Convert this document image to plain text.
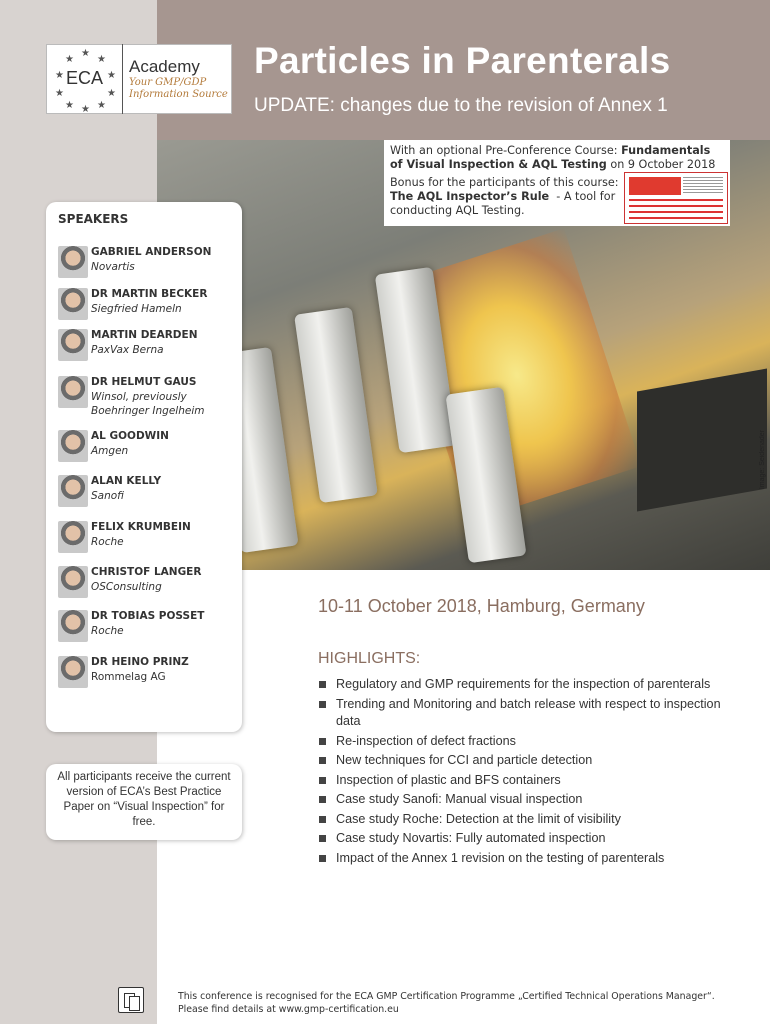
★
★ ★
★	★
★	★
★ ★
★
ECA
Academy
Your GMP/GDP
Information Source
Particles in Parenterals
UPDATE: changes due to the revision of Annex 1
Image: Seidenader
With an optional Pre-Conference Course: Fundamentals
of Visual Inspection & AQL Testing on 9 October 2018
Bonus for the participants of this course:
The AQL Inspector’s Rule - A tool for
conducting AQL Testing.
SPEAKERS
GABRIEL ANDERSON
Novartis
DR MARTIN BECKER
Siegfried Hameln
MARTIN DEARDEN
PaxVax Berna
DR HELMUT GAUS
Winsol, previously Boehringer Ingelheim
AL GOODWIN
Amgen
ALAN KELLY
Sanofi
FELIX KRUMBEIN
Roche
CHRISTOF LANGER
OSConsulting
DR TOBIAS POSSET
Roche
DR HEINO PRINZ
Rommelag AG
All participants receive the current version of ECA’s Best Practice Paper on “Visual Inspection” for free.
10-11 October 2018, Hamburg, Germany
HIGHLIGHTS:
Regulatory and GMP requirements for the inspection of parenterals
Trending and Monitoring and batch release with respect to inspection data
Re-inspection of defect fractions
New techniques for CCI and particle detection
Inspection of plastic and BFS containers
Case study Sanofi: Manual visual inspection
Case study Roche: Detection at the limit of visibility
Case study Novartis: Fully automated inspection
Impact of the Annex 1 revision on the testing of parenterals
This conference is recognised for the ECA GMP Certification Programme „Certified Technical Operations Manager“.
Please find details at www.gmp-certification.eu
